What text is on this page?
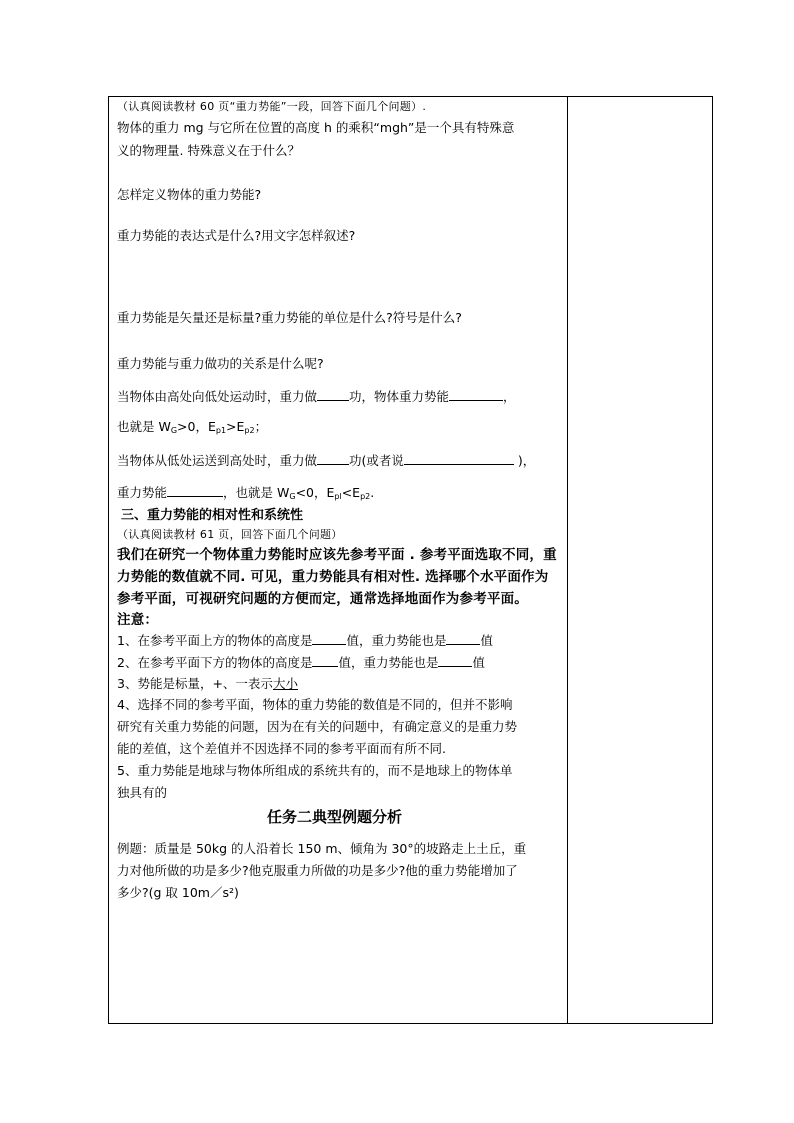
（认真阅读教材 60 页“重力势能”一段，回答下面几个问题）.
物体的重力 mg 与它所在位置的高度 h 的乘积“mgh”是一个具有特殊意
义的物理量. 特殊意义在于什么？
怎样定义物体的重力势能?
重力势能的表达式是什么?用文字怎样叙述?
重力势能是矢量还是标量?重力势能的单位是什么?符号是什么?
重力势能与重力做功的关系是什么呢?
当物体由高处向低处运动时，重力做	功，物体重力势能	，
也就是 $W_G>0$，$E_{p1}>E_{p2}$；
当物体从低处运送到高处时，重力做	功(或者说	)，
重力势能	，也就是 $W_G<0$，$E_{pl}<E_{p2}$.
三、重力势能的相对性和系统性
（认真阅读教材 61 页，回答下面几个问题）
我们在研究一个物体重力势能时应该先参考平面 . 参考平面选取不同，重
力势能的数值就不同. 可见，重力势能具有相对性. 选择哪个水平面作为
参考平面，可视研究问题的方便而定，通常选择地面作为参考平面。
注意：
1、在参考平面上方的物体的高度是	值，重力势能也是	值
2、在参考平面下方的物体的高度是 值，重力势能也是	值
3、势能是标量，+、一表示大小
4、选择不同的参考平面，物体的重力势能的数值是不同的，但并不影响
研究有关重力势能的问题，因为在有关的问题中，有确定意义的是重力势
能的差值，这个差值并不因选择不同的参考平面而有所不同.
5、重力势能是地球与物体所组成的系统共有的，而不是地球上的物体单
独具有的
任务二典型例题分析
例题：质量是 50kg 的人沿着长 150 m、倾角为 30°的坡路走上土丘，重
力对他所做的功是多少?他克服重力所做的功是多少?他的重力势能增加了
多少?(g 取 10m／s²)
